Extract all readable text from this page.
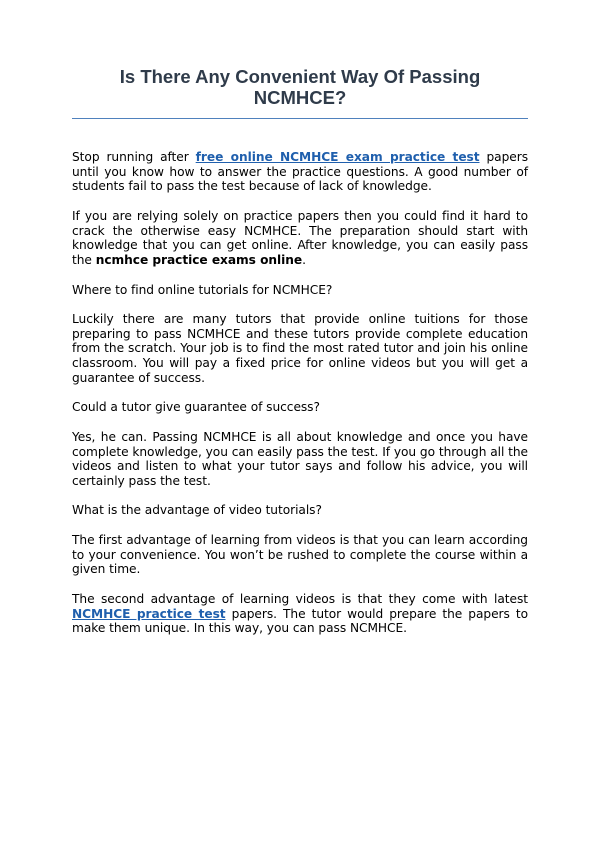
Is There Any Convenient Way Of Passing
NCMHCE?

Stop running after free online NCMHCE exam practice test papers until you know how to answer the practice questions. A good number of students fail to pass the test because of lack of knowledge.

If you are relying solely on practice papers then you could find it hard to crack the otherwise easy NCMHCE. The preparation should start with knowledge that you can get online. After knowledge, you can easily pass the ncmhce practice exams online.

Where to find online tutorials for NCMHCE?

Luckily there are many tutors that provide online tuitions for those preparing to pass NCMHCE and these tutors provide complete education from the scratch. Your job is to find the most rated tutor and join his online classroom. You will pay a fixed price for online videos but you will get a guarantee of success.

Could a tutor give guarantee of success?

Yes, he can. Passing NCMHCE is all about knowledge and once you have complete knowledge, you can easily pass the test. If you go through all the videos and listen to what your tutor says and follow his advice, you will certainly pass the test.

What is the advantage of video tutorials?

The first advantage of learning from videos is that you can learn according to your convenience. You won’t be rushed to complete the course within a given time.

The second advantage of learning videos is that they come with latest NCMHCE practice test papers. The tutor would prepare the papers to make them unique. In this way, you can pass NCMHCE.
